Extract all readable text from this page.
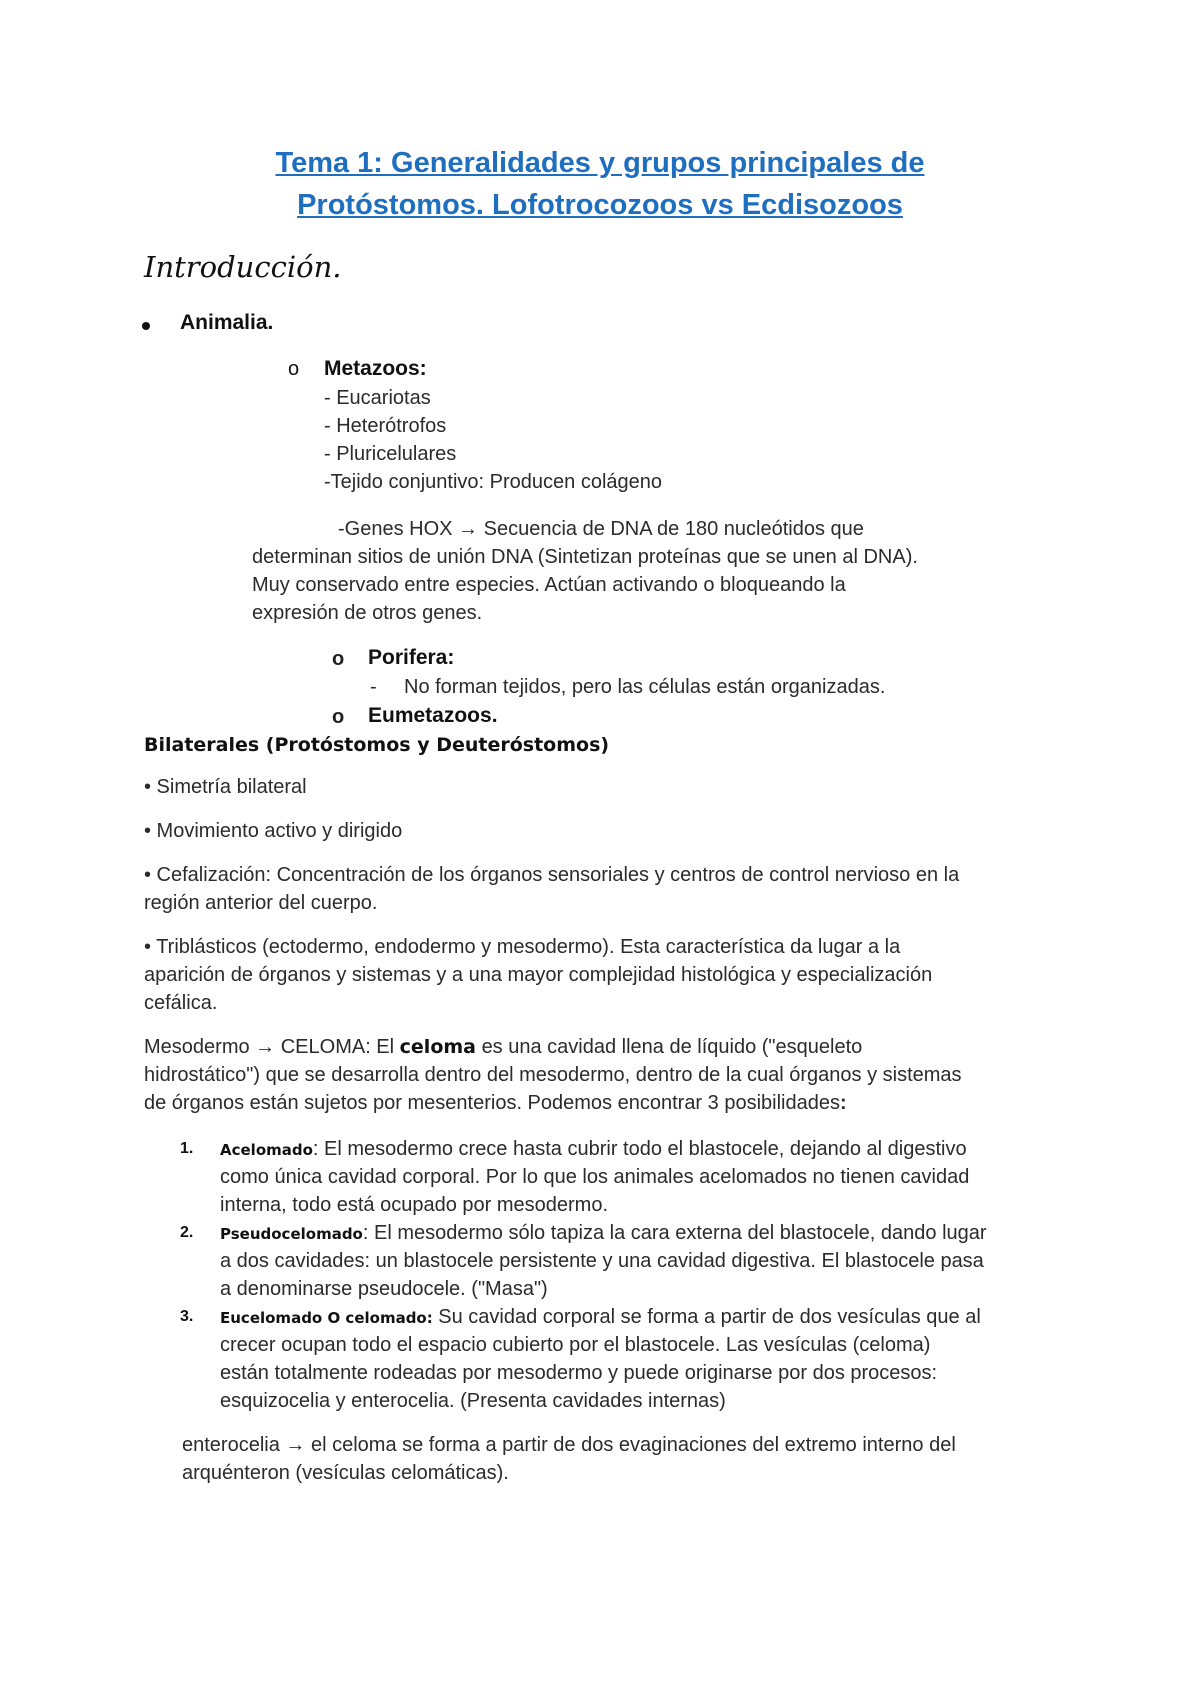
Tema 1: Generalidades y grupos principales de
Protóstomos. Lofotrocozoos vs Ecdisozoos
Introducción.
Animalia.
o Metazoos:
- Eucariotas
- Heterótrofos
- Pluricelulares
-Tejido conjuntivo: Producen colágeno
-Genes HOX → Secuencia de DNA de 180 nucleótidos que
determinan sitios de unión DNA (Sintetizan proteínas que se unen al DNA).
Muy conservado entre especies. Actúan activando o bloqueando la
expresión de otros genes.
o Porifera:
- No forman tejidos, pero las células están organizadas.
o Eumetazoos.
Bilaterales (Protóstomos y Deuteróstomos)
• Simetría bilateral
• Movimiento activo y dirigido
• Cefalización: Concentración de los órganos sensoriales y centros de control nervioso en la
región anterior del cuerpo.
• Triblásticos (ectodermo, endodermo y mesodermo). Esta característica da lugar a la
aparición de órganos y sistemas y a una mayor complejidad histológica y especialización
cefálica.
Mesodermo → CELOMA: El celoma es una cavidad llena de líquido ("esqueleto
hidrostático") que se desarrolla dentro del mesodermo, dentro de la cual órganos y sistemas
de órganos están sujetos por mesenterios. Podemos encontrar 3 posibilidades:
1. Acelomado: El mesodermo crece hasta cubrir todo el blastocele, dejando al digestivo
como única cavidad corporal. Por lo que los animales acelomados no tienen cavidad
interna, todo está ocupado por mesodermo.
2. Pseudocelomado: El mesodermo sólo tapiza la cara externa del blastocele, dando lugar
a dos cavidades: un blastocele persistente y una cavidad digestiva. El blastocele pasa
a denominarse pseudocele. ("Masa")
3. Eucelomado O celomado: Su cavidad corporal se forma a partir de dos vesículas que al
crecer ocupan todo el espacio cubierto por el blastocele. Las vesículas (celoma)
están totalmente rodeadas por mesodermo y puede originarse por dos procesos:
esquizocelia y enterocelia. (Presenta cavidades internas)
enterocelia → el celoma se forma a partir de dos evaginaciones del extremo interno del
arquénteron (vesículas celomáticas).
